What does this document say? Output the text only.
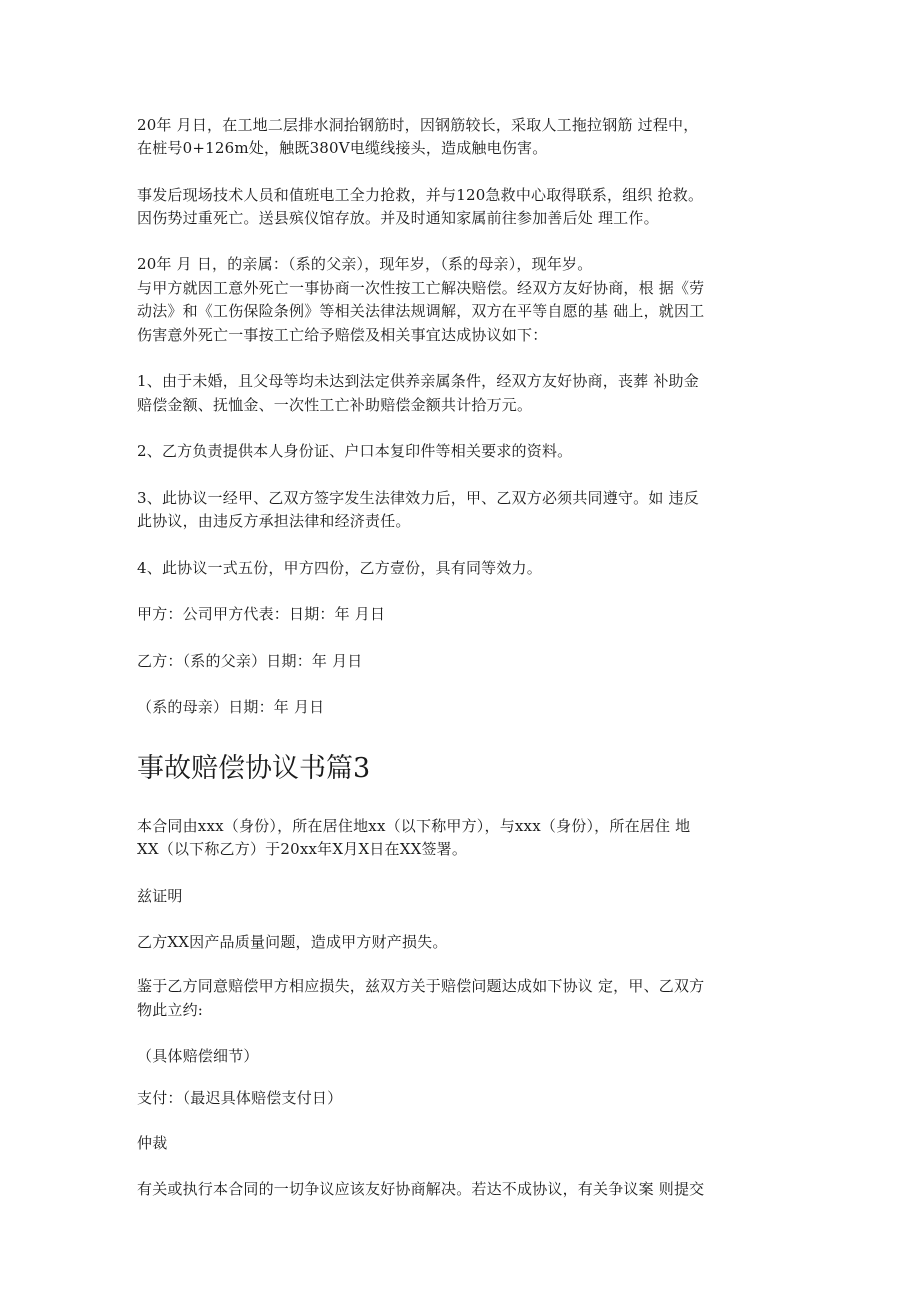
20年 月日，在工地二层排水洞抬钢筋时，因钢筋较长，采取人工拖拉钢筋 过程中，
在桩号0+126m处，触既380V电缆线接头，造成触电伤害。
事发后现场技术人员和值班电工全力抢救，并与120急救中心取得联系，组织 抢救。
因伤势过重死亡。送县殡仪馆存放。并及时通知家属前往参加善后处 理工作。
20年 月 日，的亲属：（系的父亲），现年岁，（系的母亲），现年岁。
与甲方就因工意外死亡一事协商一次性按工亡解决赔偿。经双方友好协商，根 据《劳
动法》和《工伤保险条例》等相关法律法规调解，双方在平等自愿的基 础上，就因工
伤害意外死亡一事按工亡给予赔偿及相关事宜达成协议如下：
1、由于未婚，且父母等均未达到法定供养亲属条件，经双方友好协商，丧葬 补助金
赔偿金额、抚恤金、一次性工亡补助赔偿金额共计拾万元。
2、乙方负责提供本人身份证、户口本复印件等相关要求的资料。
3、此协议一经甲、乙双方签字发生法律效力后，甲、乙双方必须共同遵守。如 违反
此协议，由违反方承担法律和经济责任。
4、此协议一式五份，甲方四份，乙方壹份，具有同等效力。
甲方：公司甲方代表：日期：年 月日
乙方：（系的父亲）日期：年 月日
（系的母亲）日期：年 月日
事故赔偿协议书篇3
本合同由xxx（身份），所在居住地xx（以下称甲方），与xxx（身份），所在居住 地
XX（以下称乙方）于20xx年X月X日在XX签署。
兹证明
乙方XX因产品质量问题，造成甲方财产损失。
鉴于乙方同意赔偿甲方相应损失，兹双方关于赔偿问题达成如下协议 定，甲、乙双方
物此立约:
（具体赔偿细节）
支付：（最迟具体赔偿支付日）
仲裁
有关或执行本合同的一切争议应该友好协商解决。若达不成协议，有关争议案 则提交
